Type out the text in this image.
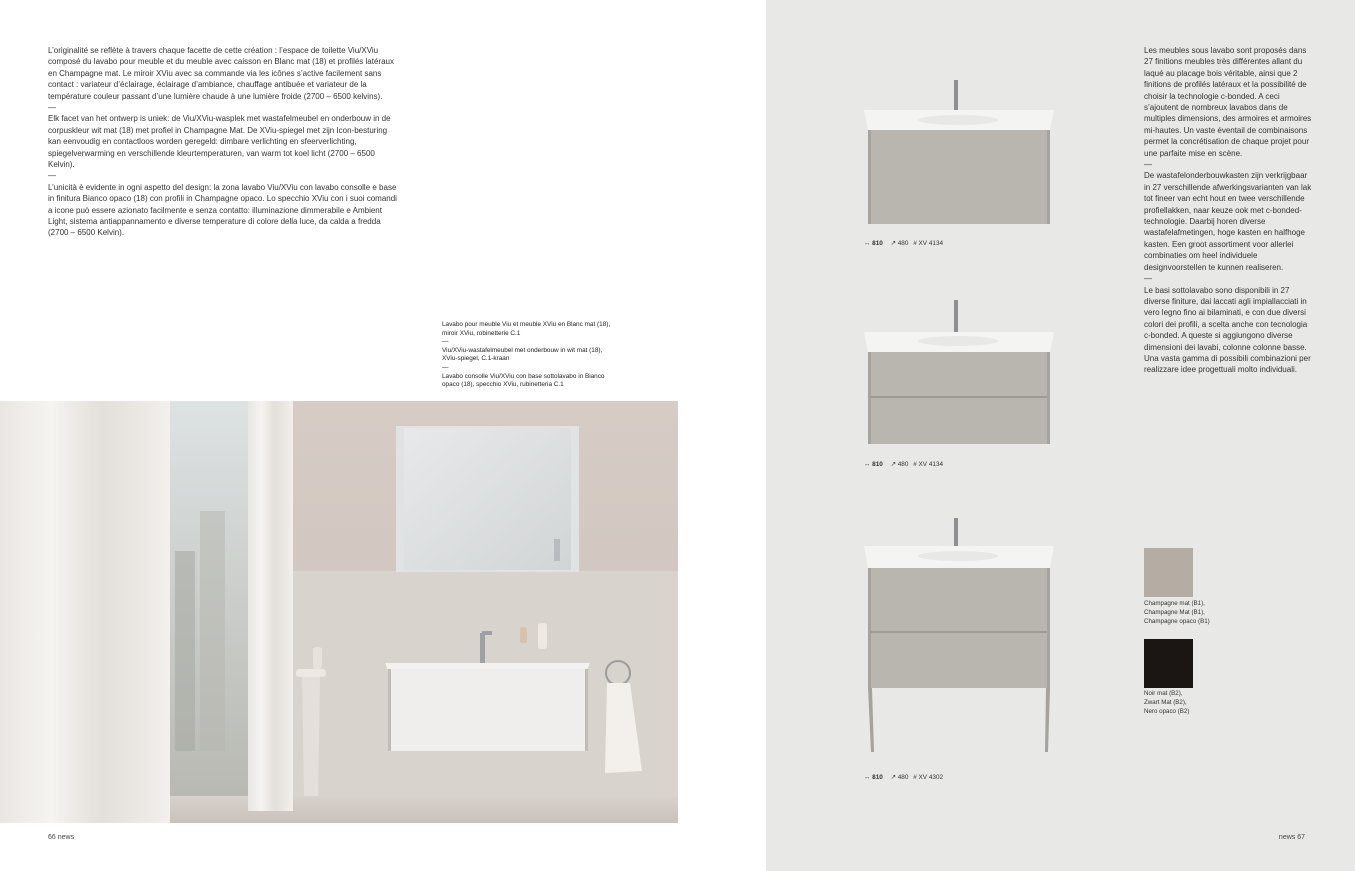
L’originalité se reflète à travers chaque facette de cette création : l’espace de toilette Viu/XViu composé du lavabo pour meuble et du meuble avec caisson en Blanc mat (18) et profilés latéraux en Champagne mat. Le miroir XViu avec sa commande via les icônes s’active facilement sans contact : variateur d’éclairage, éclairage d’ambiance, chauffage antibuée et variateur de la température couleur passant d’une lumière chaude à une lumière froide (2700 – 6500 kelvins).

—

Elk facet van het ontwerp is uniek: de Viu/XViu-wasplek met wastafelmeubel en onderbouw in de corpuskleur wit mat (18) met profiel in Champagne Mat. De XViu-spiegel met zijn Icon-besturing kan eenvoudig en contactloos worden geregeld: dimbare verlichting en sfeerverlichting, spiegelverwarming en verschillende kleurtemperaturen, van warm tot koel licht (2700 – 6500 Kelvin).

—

L’unicità è evidente in ogni aspetto del design: la zona lavabo Viu/XViu con lavabo consolle e base in finitura Bianco opaco (18) con profili in Champagne opaco. Lo specchio XViu con i suoi comandi a icone può essere azionato facilmente e senza contatto: illuminazione dimmerabile e Ambient Light, sistema antiappannamento e diverse temperature di colore della luce, da calda a fredda (2700 – 6500 Kelvin).

Lavabo pour meuble Viu et meuble XViu en Blanc mat (18), miroir XViu, robinetterie C.1

—

Viu/XViu-wastafelmeubel met onderbouw in wit mat (18), XViu-spiegel, C.1-kraan

—

Lavabo consolle Viu/XViu con base sottolavabo in Bianco opaco (18), specchio XViu, rubinetteria C.1

66 news
↔ 810 ↗ 480 # XV 4134
↔ 810 ↗ 480 # XV 4134
↔ 810 ↗ 480 # XV 4302

Les meubles sous lavabo sont proposés dans 27 finitions meubles très différentes allant du laqué au placage bois véritable, ainsi que 2 finitions de profilés latéraux et la possibilité de choisir la technologie c-bonded. A ceci s’ajoutent de nombreux lavabos dans de multiples dimensions, des armoires et armoires mi-hautes. Un vaste éventail de combinaisons permet la concrétisation de chaque projet pour une parfaite mise en scène.

—

De wastafelonderbouwkasten zijn verkrijgbaar in 27 verschillende afwerkingsvarianten van lak tot fineer van echt hout en twee verschillende profiellakken, naar keuze ook met c-bonded-technologie. Daarbij horen diverse wastafelafmetingen, hoge kasten en halfhoge kasten. Een groot assortiment voor allerlei combinaties om heel individuele designvoorstellen te kunnen realiseren.

—

Le basi sottolavabo sono disponibili in 27 diverse finiture, dai laccati agli impiallacciati in vero legno fino ai bilaminati, e con due diversi colori dei profili, a scelta anche con tecnologia c-bonded. A queste si aggiungono diverse dimensioni dei lavabi, colonne colonne basse. Una vasta gamma di possibili combinazioni per realizzare idee progettuali molto individuali.

Champagne mat (B1),

Champagne Mat (B1),

Champagne opaco (B1)

Noir mat (B2),

Zwart Mat (B2),

Nero opaco (B2)

news 67
